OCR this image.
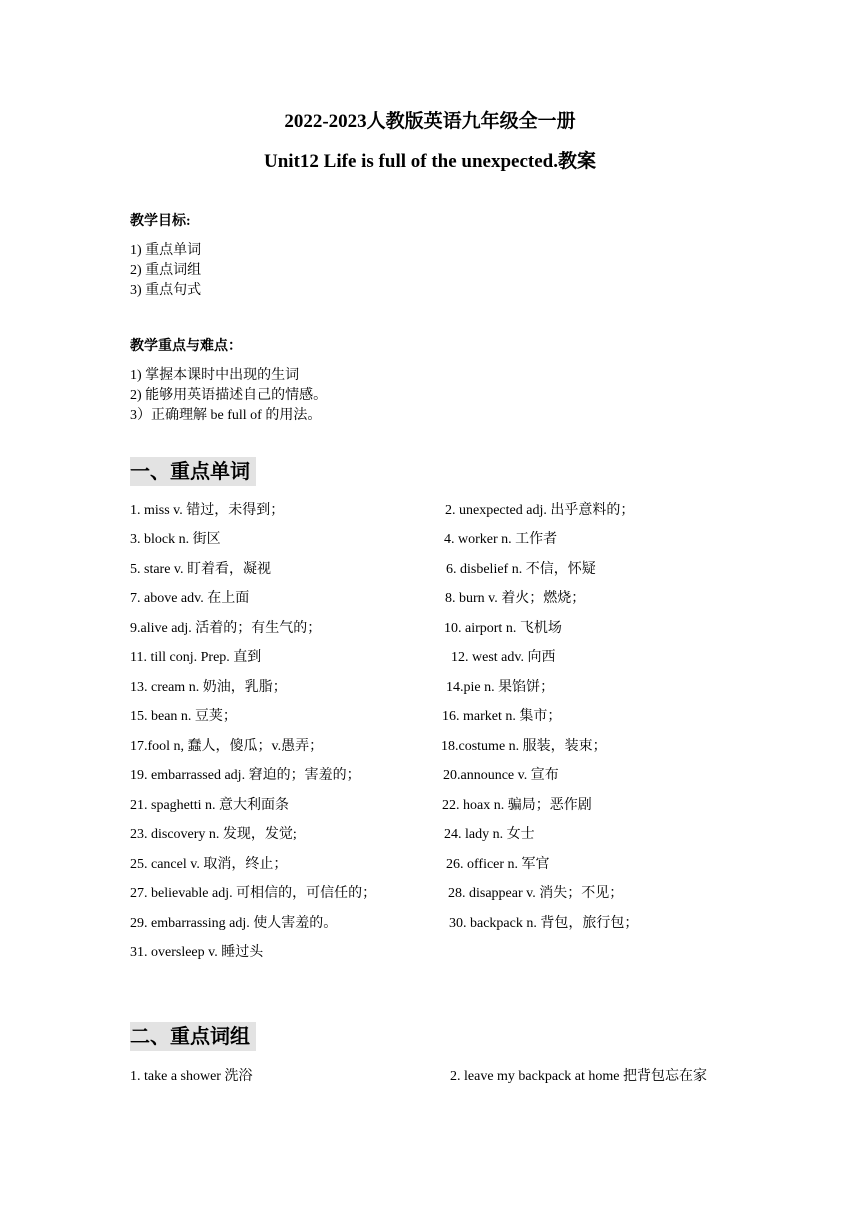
2022-2023人教版英语九年级全一册
Unit12 Life is full of the unexpected.教案
教学目标:
1) 重点单词
2) 重点词组
3) 重点句式
教学重点与难点：
1) 掌握本课时中出现的生词
2) 能够用英语描述自己的情感。
3）正确理解 be full of 的用法。
一、重点单词
1. miss v. 错过，未得到；	2. unexpected adj. 出乎意料的；
3. block n. 街区	4. worker n. 工作者
5. stare v. 盯着看，凝视	6. disbelief n. 不信，怀疑
7. above adv. 在上面	8. burn v. 着火；燃烧；
9.alive adj. 活着的；有生气的；	10. airport n. 飞机场
11. till conj. Prep. 直到	12. west adv. 向西
13. cream n. 奶油，乳脂；	14.pie n. 果馅饼；
15. bean n. 豆荚；	16. market n. 集市；
17.fool n, 蠢人，傻瓜；v.愚弄；	18.costume n. 服装，装束；
19. embarrassed adj. 窘迫的；害羞的；	20.announce v. 宣布
21. spaghetti n. 意大利面条	22. hoax n. 骗局；恶作剧
23. discovery n. 发现，发觉;	24. lady n. 女士
25. cancel v. 取消，终止；	26. officer n. 军官
27. believable adj. 可相信的，可信任的；	28. disappear v. 消失；不见；
29. embarrassing adj. 使人害羞的。	30. backpack n. 背包，旅行包；
31. oversleep v. 睡过头
二、重点词组
1. take a shower 洗浴	2. leave my backpack at home 把背包忘在家
